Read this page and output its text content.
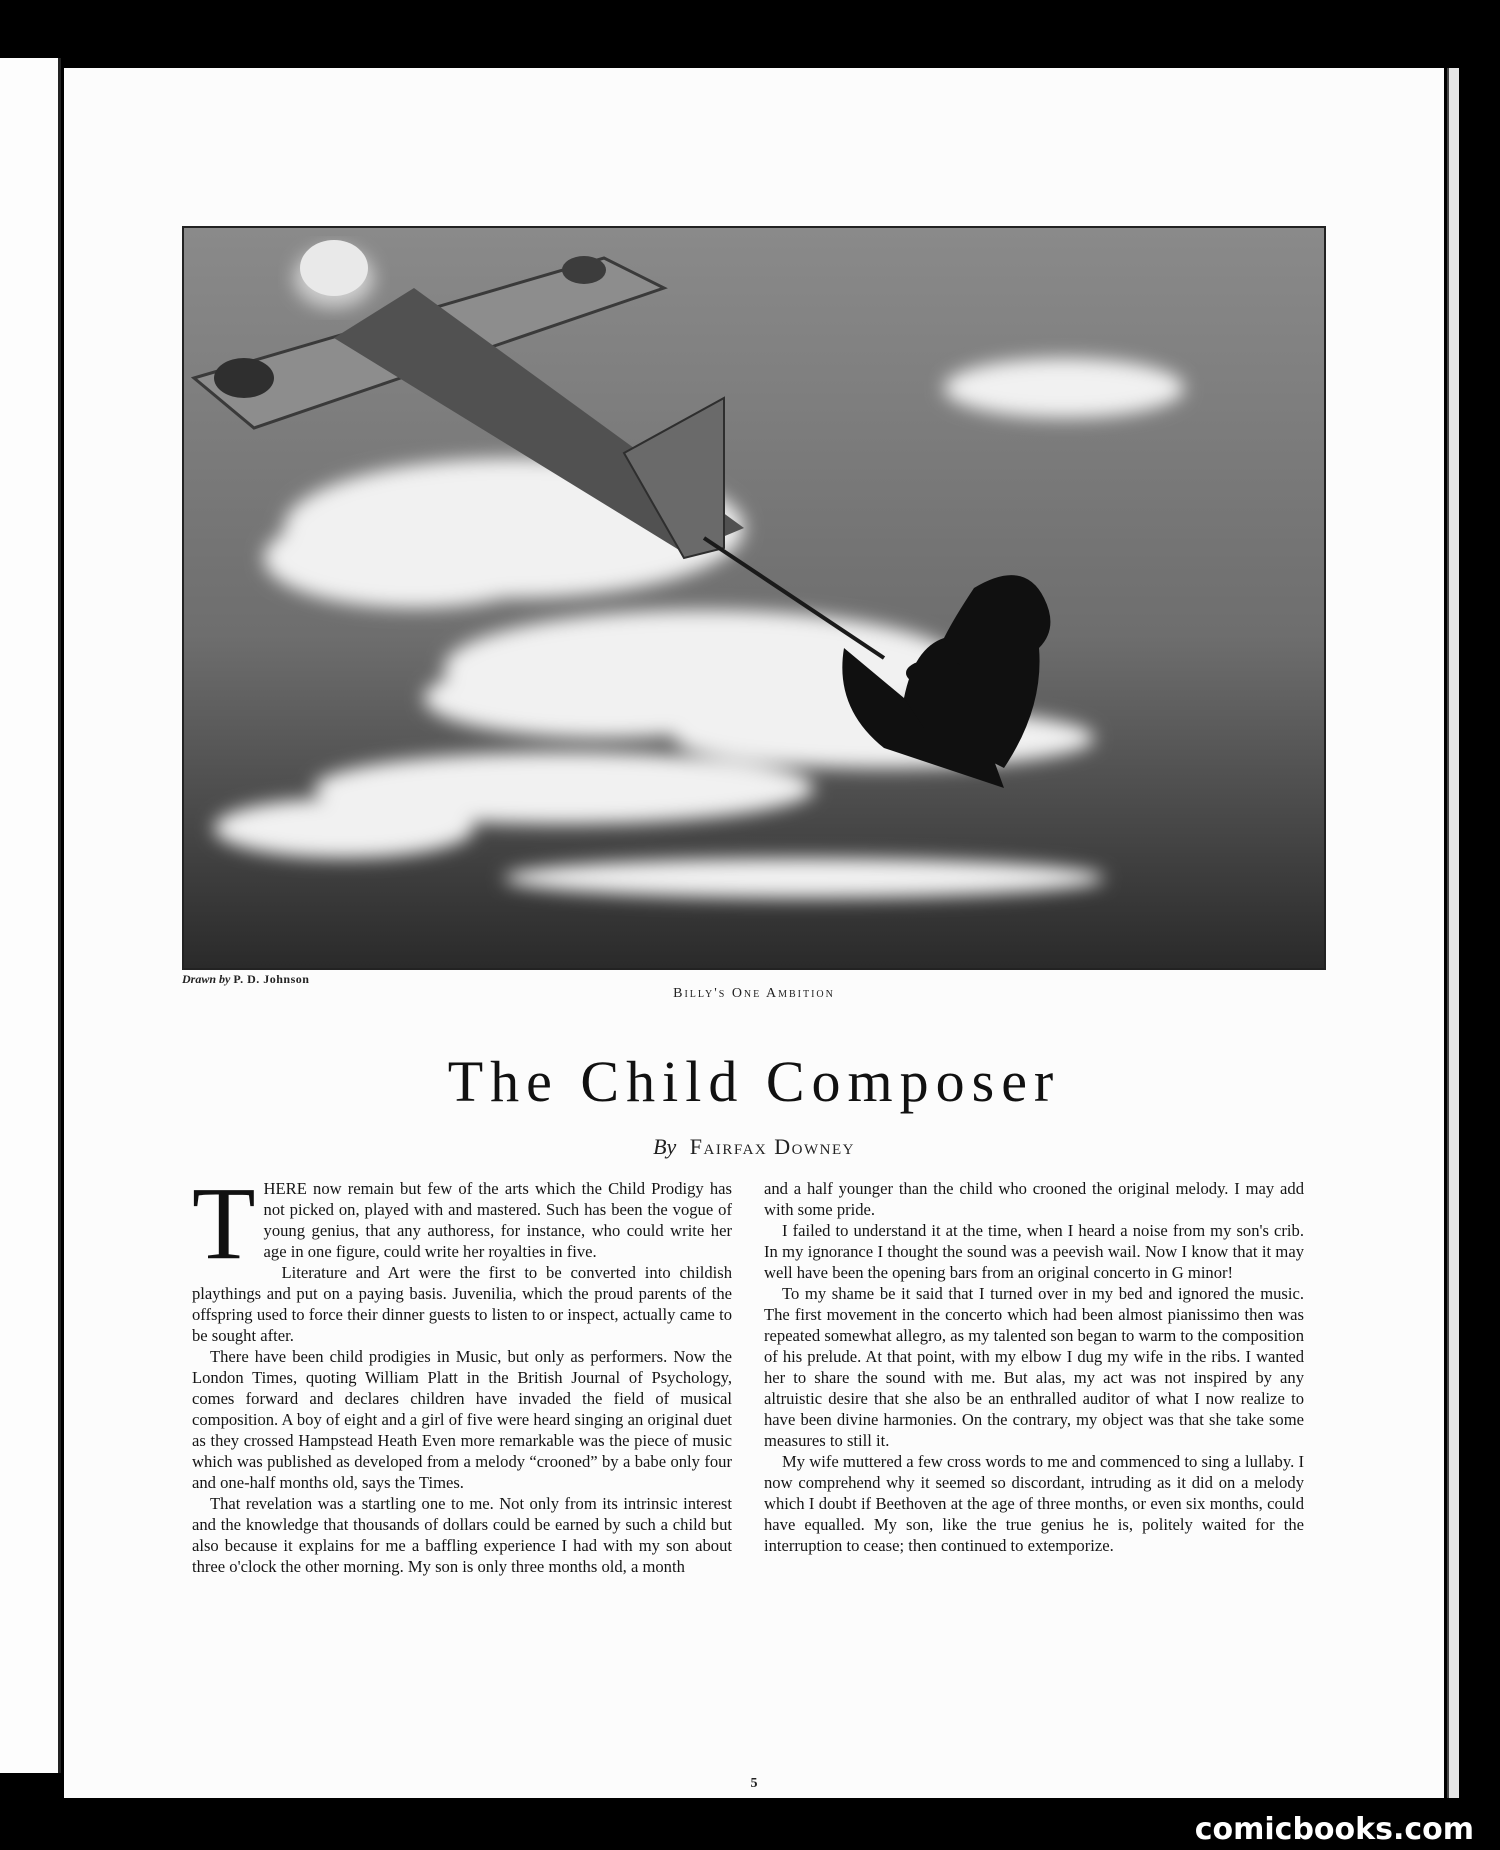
Drawn by P. D. Johnson
Billy's One Ambition
The Child Composer
By Fairfax Downey

THERE now remain but few of the arts which the Child Prodigy has not picked on, played with and mastered. Such has been the vogue of young genius, that any authoress, for instance, who could write her age in one figure, could write her royalties in five.

Literature and Art were the first to be converted into childish playthings and put on a paying basis. Juvenilia, which the proud parents of the offspring used to force their dinner guests to listen to or inspect, actually came to be sought after.

There have been child prodigies in Music, but only as performers. Now the London Times, quoting William Platt in the British Journal of Psychology, comes forward and declares children have invaded the field of musical composition. A boy of eight and a girl of five were heard singing an original duet as they crossed Hampstead Heath Even more remarkable was the piece of music which was published as developed from a melody “crooned” by a babe only four and one-half months old, says the Times.

That revelation was a startling one to me. Not only from its intrinsic interest and the knowledge that thousands of dollars could be earned by such a child but also because it explains for me a baffling experience I had with my son about three o'clock the other morning. My son is only three months old, a month

and a half younger than the child who crooned the original melody. I may add with some pride.

I failed to understand it at the time, when I heard a noise from my son's crib. In my ignorance I thought the sound was a peevish wail. Now I know that it may well have been the opening bars from an original concerto in G minor!

To my shame be it said that I turned over in my bed and ignored the music. The first movement in the concerto which had been almost pianissimo then was repeated somewhat allegro, as my talented son began to warm to the composition of his prelude. At that point, with my elbow I dug my wife in the ribs. I wanted her to share the sound with me. But alas, my act was not inspired by any altruistic desire that she also be an enthralled auditor of what I now realize to have been divine harmonies. On the contrary, my object was that she take some measures to still it.

My wife muttered a few cross words to me and commenced to sing a lullaby. I now comprehend why it seemed so discordant, intruding as it did on a melody which I doubt if Beethoven at the age of three months, or even six months, could have equalled. My son, like the true genius he is, politely waited for the interruption to cease; then continued to extemporize.

5
comicbooks.com
